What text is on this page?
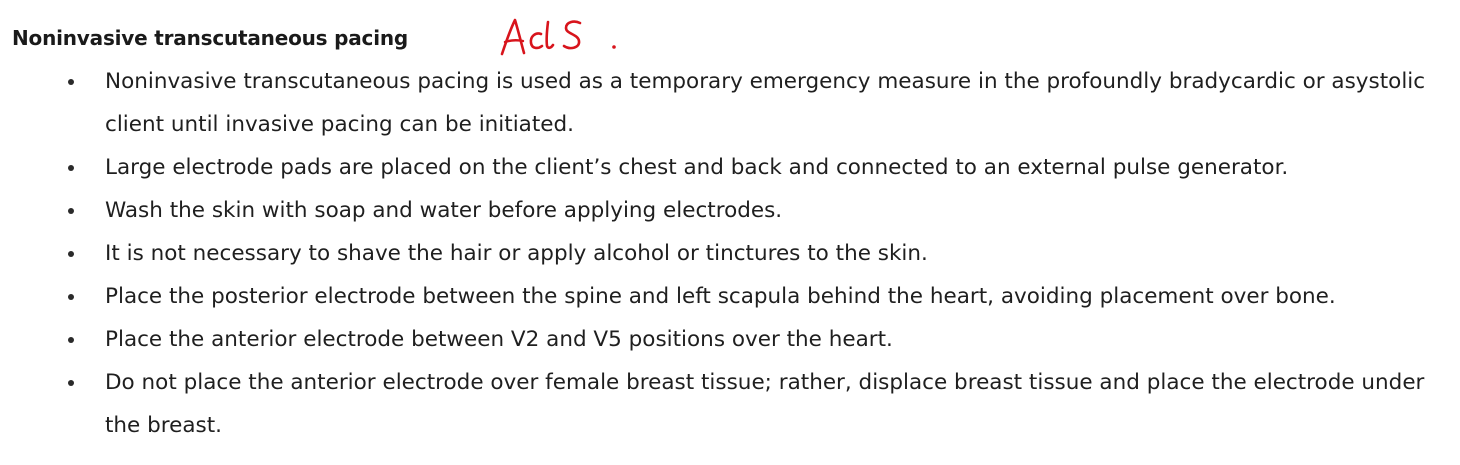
Noninvasive transcutaneous pacing
Noninvasive transcutaneous pacing is used as a temporary emergency measure in the profoundly bradycardic or asystolic client until invasive pacing can be initiated.
Large electrode pads are placed on the client’s chest and back and connected to an external pulse generator.
Wash the skin with soap and water before applying electrodes.
It is not necessary to shave the hair or apply alcohol or tinctures to the skin.
Place the posterior electrode between the spine and left scapula behind the heart, avoiding placement over bone.
Place the anterior electrode between V2 and V5 positions over the heart.
Do not place the anterior electrode over female breast tissue; rather, displace breast tissue and place the electrode under the breast.
